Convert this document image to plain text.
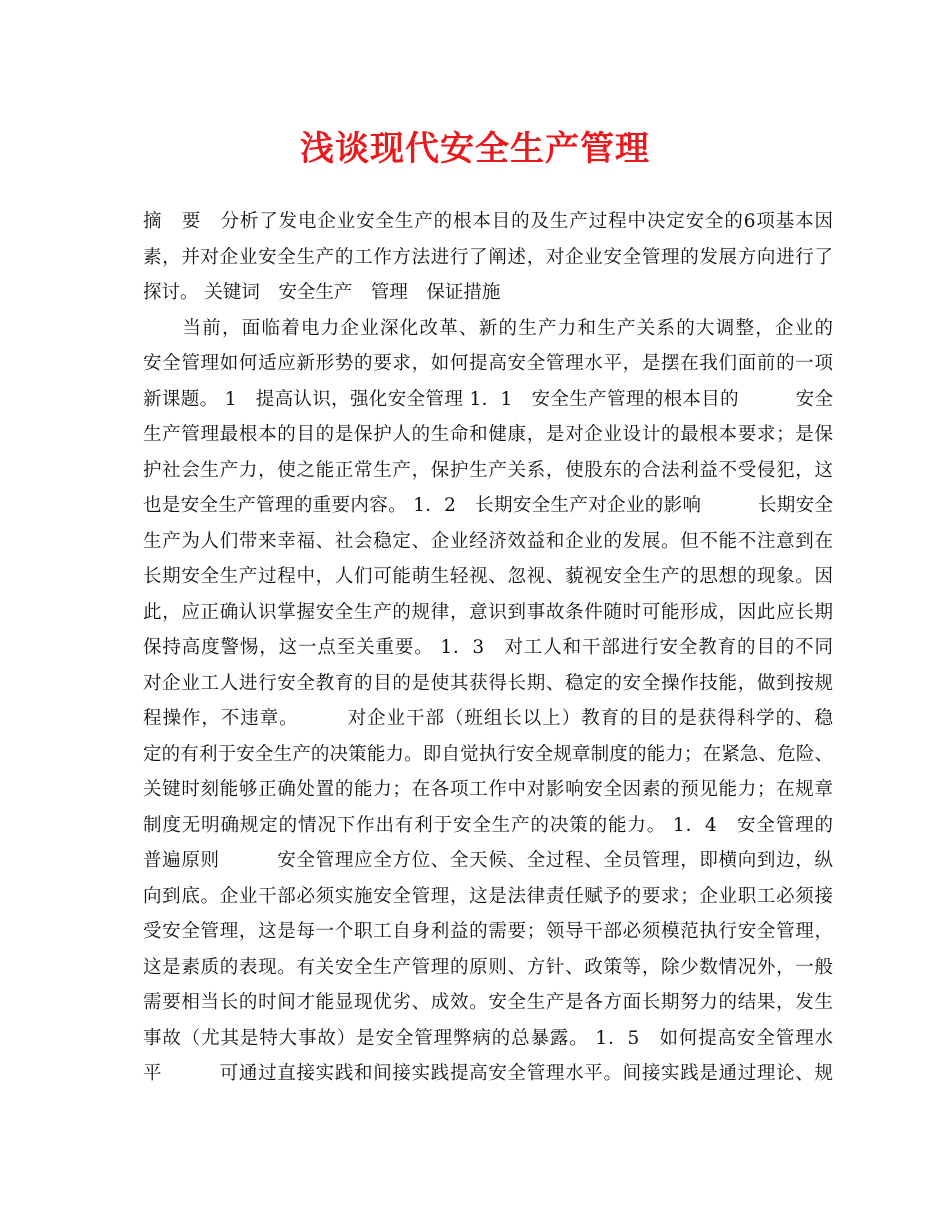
浅谈现代安全生产管理
摘　要　分析了发电企业安全生产的根本目的及生产过程中决定安全的6项基本因
素，并对企业安全生产的工作方法进行了阐述，对企业安全管理的发展方向进行了
探讨。 关键词　安全生产　管理　保证措施
　　当前，面临着电力企业深化改革、新的生产力和生产关系的大调整，企业的
安全管理如何适应新形势的要求，如何提高安全管理水平，是摆在我们面前的一项
新课题。 1　提高认识，强化安全管理 1．1　安全生产管理的根本目的　　　安全
生产管理最根本的目的是保护人的生命和健康，是对企业设计的最根本要求；是保
护社会生产力，使之能正常生产，保护生产关系，使股东的合法利益不受侵犯，这
也是安全生产管理的重要内容。 1．2　长期安全生产对企业的影响　　　长期安全
生产为人们带来幸福、社会稳定、企业经济效益和企业的发展。但不能不注意到在
长期安全生产过程中，人们可能萌生轻视、忽视、藐视安全生产的思想的现象。因
此，应正确认识掌握安全生产的规律，意识到事故条件随时可能形成，因此应长期
保持高度警惕，这一点至关重要。 1．3　对工人和干部进行安全教育的目的不同
对企业工人进行安全教育的目的是使其获得长期、稳定的安全操作技能，做到按规
程操作，不违章。　　　对企业干部（班组长以上）教育的目的是获得科学的、稳
定的有利于安全生产的决策能力。即自觉执行安全规章制度的能力；在紧急、危险、
关键时刻能够正确处置的能力；在各项工作中对影响安全因素的预见能力；在规章
制度无明确规定的情况下作出有利于安全生产的决策的能力。 1．4　安全管理的
普遍原则　　　安全管理应全方位、全天候、全过程、全员管理，即横向到边，纵
向到底。企业干部必须实施安全管理，这是法律责任赋予的要求；企业职工必须接
受安全管理，这是每一个职工自身利益的需要；领导干部必须模范执行安全管理，
这是素质的表现。有关安全生产管理的原则、方针、政策等，除少数情况外，一般
需要相当长的时间才能显现优劣、成效。安全生产是各方面长期努力的结果，发生
事故（尤其是特大事故）是安全管理弊病的总暴露。 1．5　如何提高安全管理水
平　　　可通过直接实践和间接实践提高安全管理水平。间接实践是通过理论、规
